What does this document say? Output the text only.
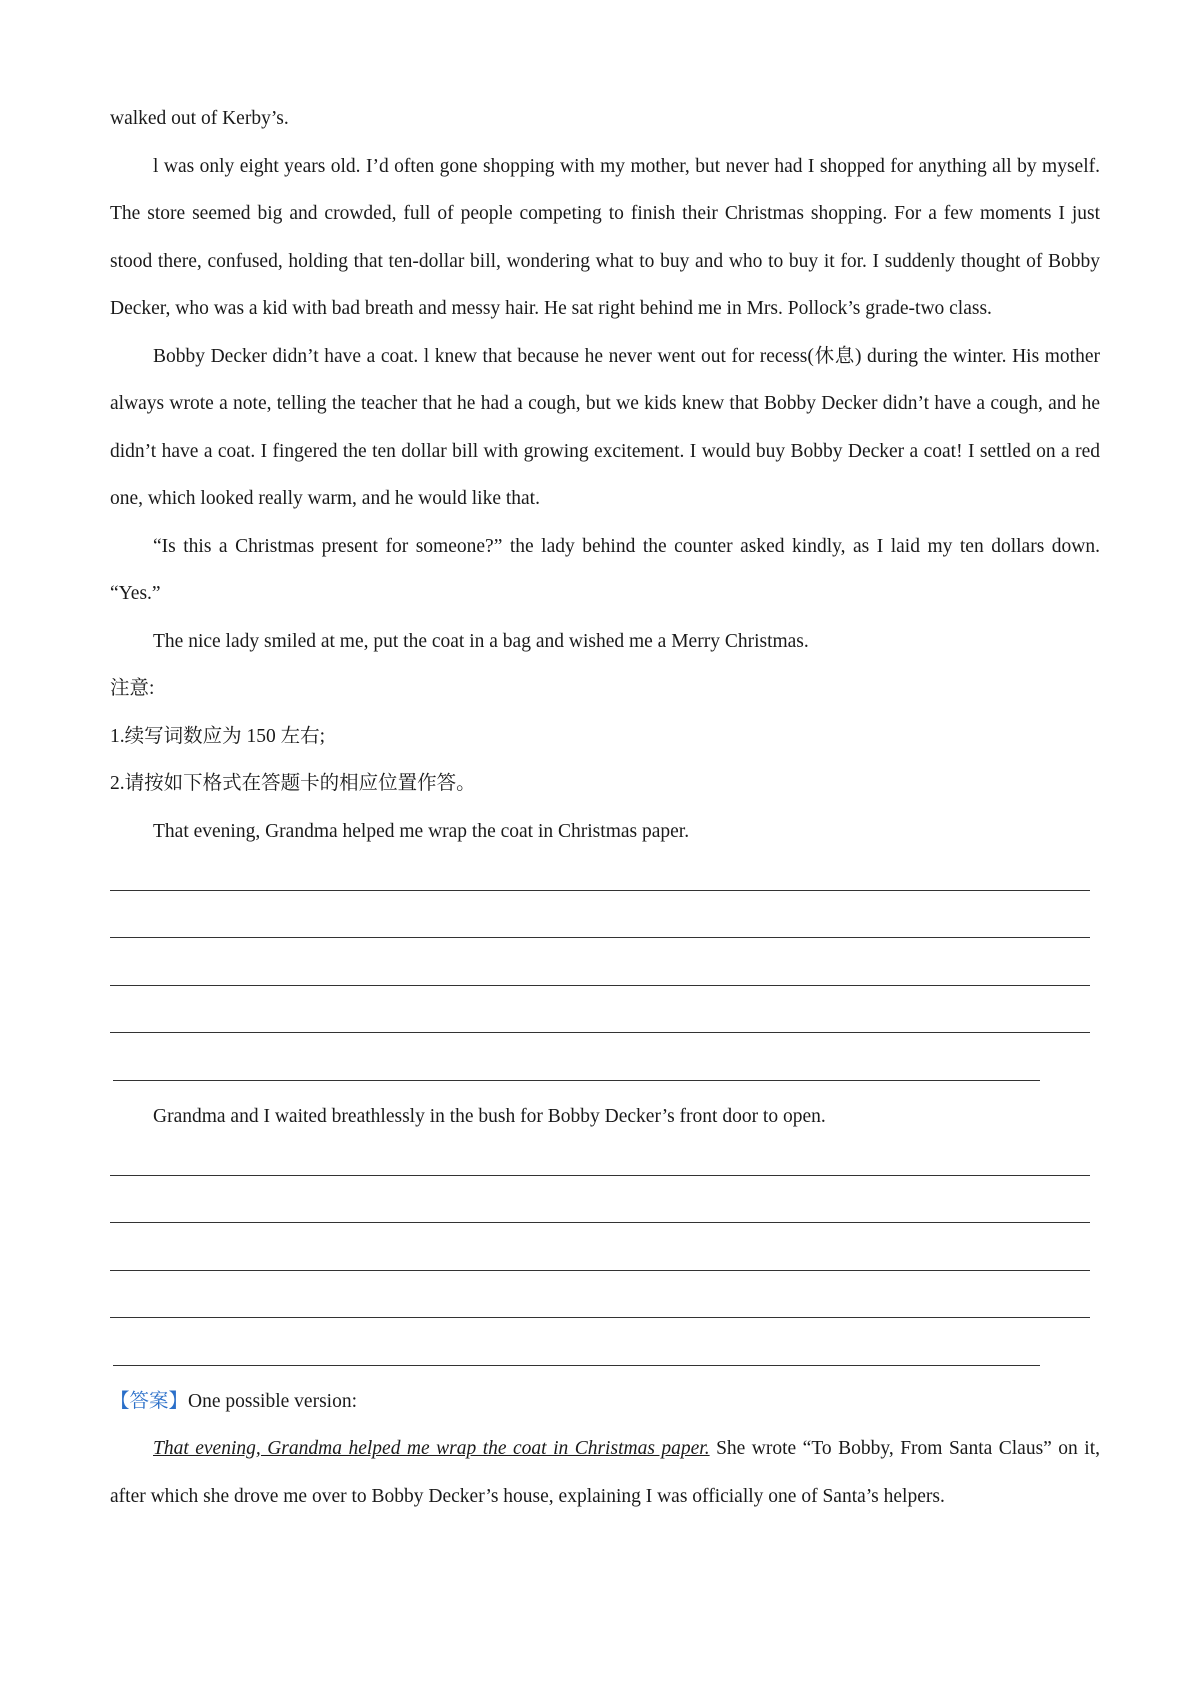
walked out of Kerby’s.

l was only eight years old. I’d often gone shopping with my mother, but never had I shopped for anything all by myself. The store seemed big and crowded, full of people competing to finish their Christmas shopping. For a few moments I just stood there, confused, holding that ten-dollar bill, wondering what to buy and who to buy it for. I suddenly thought of Bobby Decker, who was a kid with bad breath and messy hair. He sat right behind me in Mrs. Pollock’s grade-two class.

Bobby Decker didn’t have a coat. l knew that because he never went out for recess(休息) during the winter. His mother always wrote a note, telling the teacher that he had a cough, but we kids knew that Bobby Decker didn’t have a cough, and he didn’t have a coat. I fingered the ten dollar bill with growing excitement. I would buy Bobby Decker a coat! I settled on a red one, which looked really warm, and he would like that.

“Is this a Christmas present for someone?” the lady behind the counter asked kindly, as I laid my ten dollars down. “Yes.”

The nice lady smiled at me, put the coat in a bag and wished me a Merry Christmas.

注意:

1.续写词数应为 150 左右;

2.请按如下格式在答题卡的相应位置作答。

That evening, Grandma helped me wrap the coat in Christmas paper.

Grandma and I waited breathlessly in the bush for Bobby Decker’s front door to open.

【答案】One possible version:

That evening, Grandma helped me wrap the coat in Christmas paper. She wrote “To Bobby, From Santa Claus” on it, after which she drove me over to Bobby Decker’s house, explaining I was officially one of Santa’s helpers.
